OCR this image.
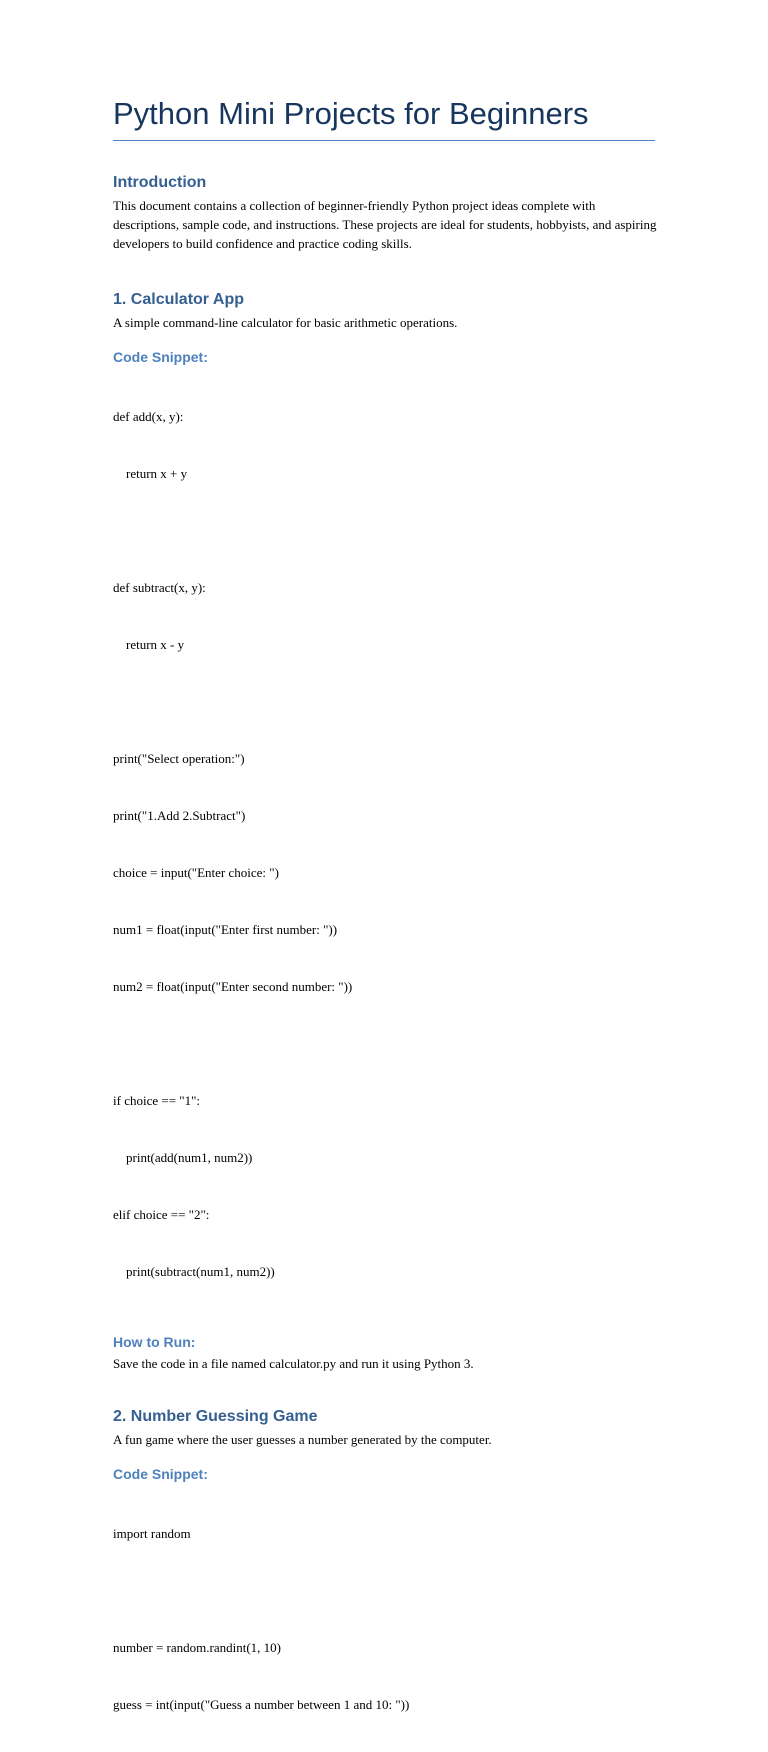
Python Mini Projects for Beginners
Introduction

This document contains a collection of beginner-friendly Python project ideas complete with descriptions, sample code, and instructions. These projects are ideal for students, hobbyists, and aspiring developers to build confidence and practice coding skills.

1. Calculator App

A simple command-line calculator for basic arithmetic operations.

Code Snippet:

def add(x, y):

return x + y

def subtract(x, y):

return x - y

print("Select operation:")

print("1.Add 2.Subtract")

choice = input("Enter choice: ")

num1 = float(input("Enter first number: "))

num2 = float(input("Enter second number: "))

if choice == "1":

print(add(num1, num2))

elif choice == "2":

print(subtract(num1, num2))

How to Run:

Save the code in a file named calculator.py and run it using Python 3.

2. Number Guessing Game

A fun game where the user guesses a number generated by the computer.

Code Snippet:

import random

number = random.randint(1, 10)

guess = int(input("Guess a number between 1 and 10: "))
